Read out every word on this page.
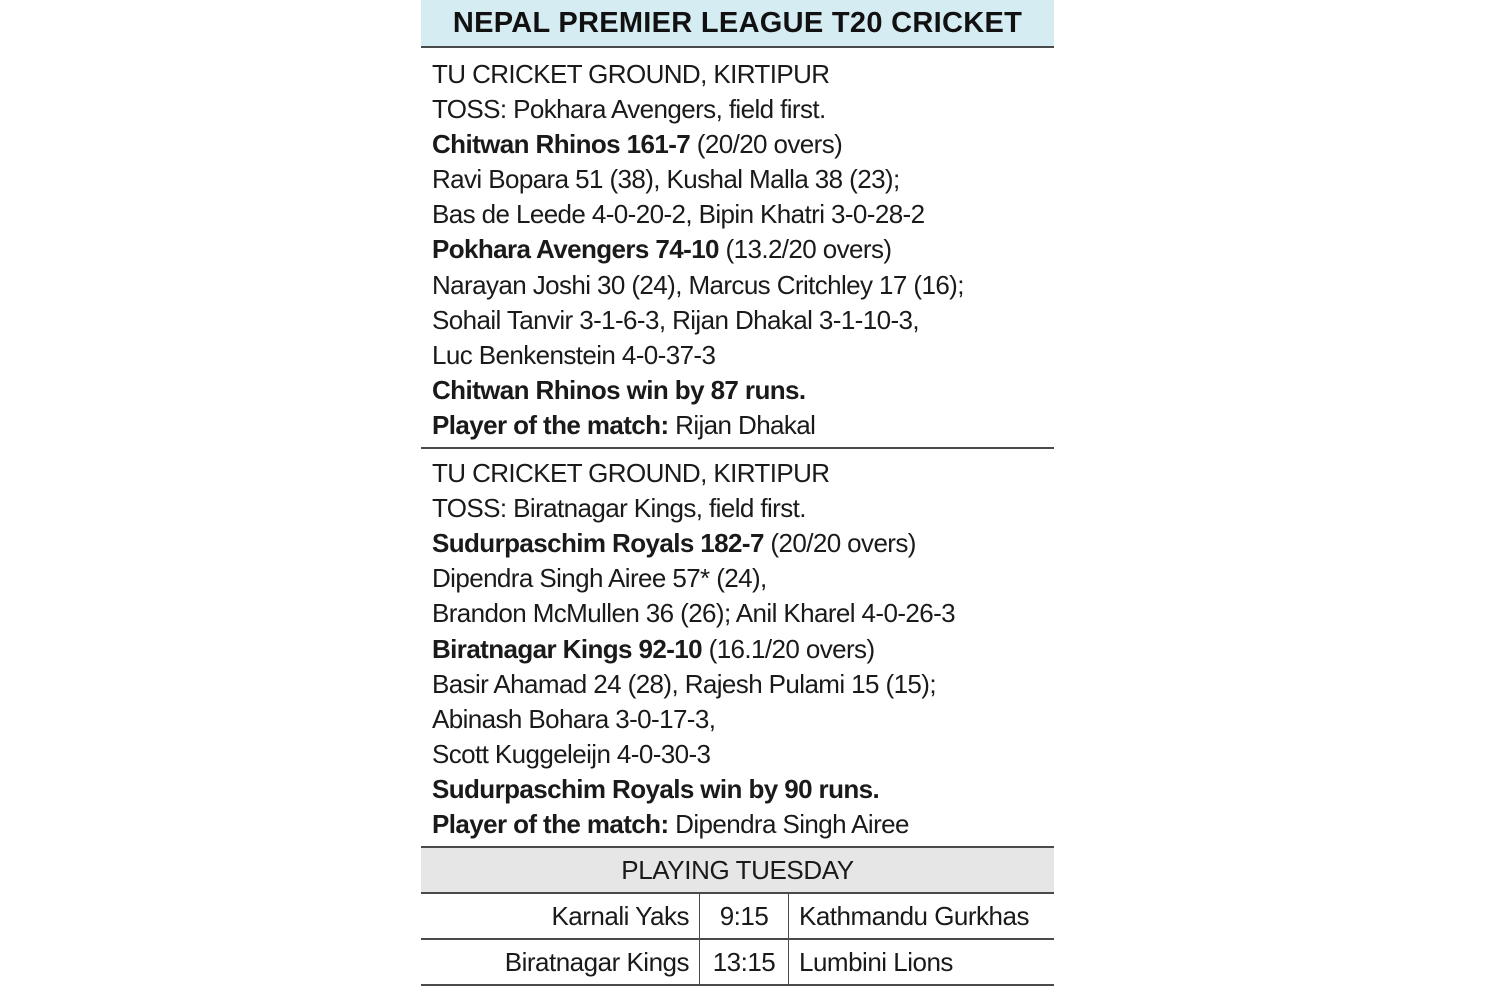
NEPAL PREMIER LEAGUE T20 CRICKET
TU CRICKET GROUND, KIRTIPUR
TOSS: Pokhara Avengers, field first.
Chitwan Rhinos 161-7 (20/20 overs)
Ravi Bopara 51 (38), Kushal Malla 38 (23);
Bas de Leede 4-0-20-2, Bipin Khatri 3-0-28-2
Pokhara Avengers 74-10 (13.2/20 overs)
Narayan Joshi 30 (24), Marcus Critchley 17 (16);
Sohail Tanvir 3-1-6-3, Rijan Dhakal 3-1-10-3,
Luc Benkenstein 4-0-37-3
Chitwan Rhinos win by 87 runs.
Player of the match: Rijan Dhakal
TU CRICKET GROUND, KIRTIPUR
TOSS: Biratnagar Kings, field first.
Sudurpaschim Royals 182-7 (20/20 overs)
Dipendra Singh Airee 57* (24),
Brandon McMullen 36 (26); Anil Kharel 4-0-26-3
Biratnagar Kings 92-10 (16.1/20 overs)
Basir Ahamad 24 (28), Rajesh Pulami 15 (15);
Abinash Bohara 3-0-17-3,
Scott Kuggeleijn 4-0-30-3
Sudurpaschim Royals win by 90 runs.
Player of the match: Dipendra Singh Airee
PLAYING TUESDAY
Karnali Yaks	9:15	Kathmandu Gurkhas
Biratnagar Kings	13:15	Lumbini Lions
